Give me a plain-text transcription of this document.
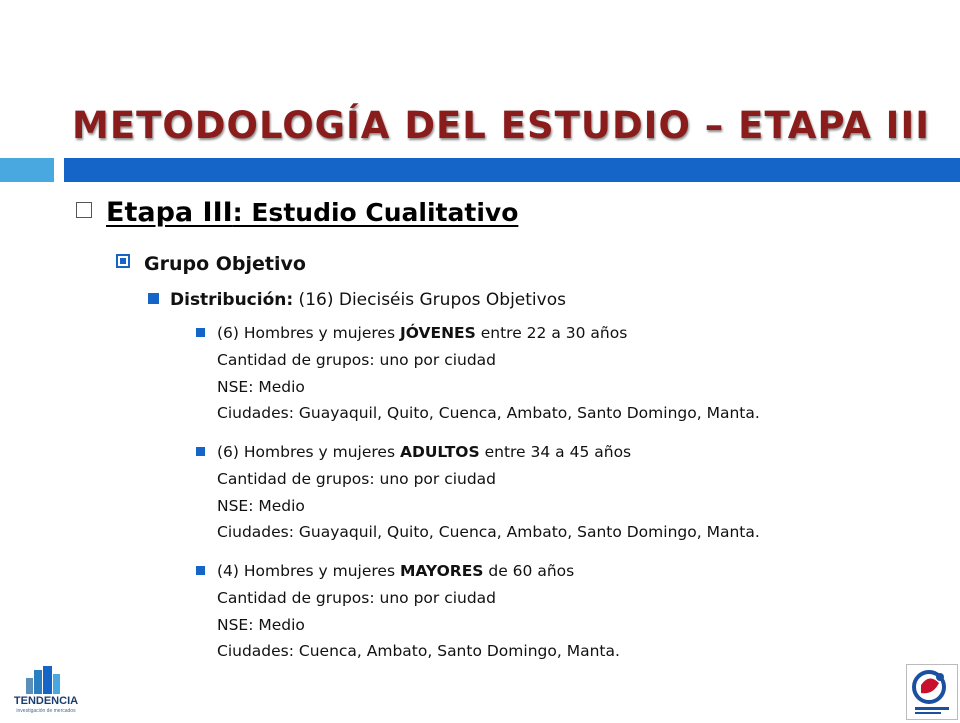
METODOLOGÍA DEL ESTUDIO – ETAPA III
Etapa III: Estudio Cualitativo
Grupo Objetivo
Distribución: (16) Dieciséis Grupos Objetivos
(6) Hombres y mujeres JÓVENES entre 22 a 30 años
Cantidad de grupos: uno por ciudad
NSE: Medio
Ciudades: Guayaquil, Quito, Cuenca, Ambato, Santo Domingo, Manta.
(6) Hombres y mujeres ADULTOS entre 34 a 45 años
Cantidad de grupos: uno por ciudad
NSE: Medio
Ciudades: Guayaquil, Quito, Cuenca, Ambato, Santo Domingo, Manta.
(4) Hombres y mujeres MAYORES de 60 años
Cantidad de grupos: uno por ciudad
NSE: Medio
Ciudades: Cuenca, Ambato, Santo Domingo, Manta.
TENDENCIA
investigación de mercados
